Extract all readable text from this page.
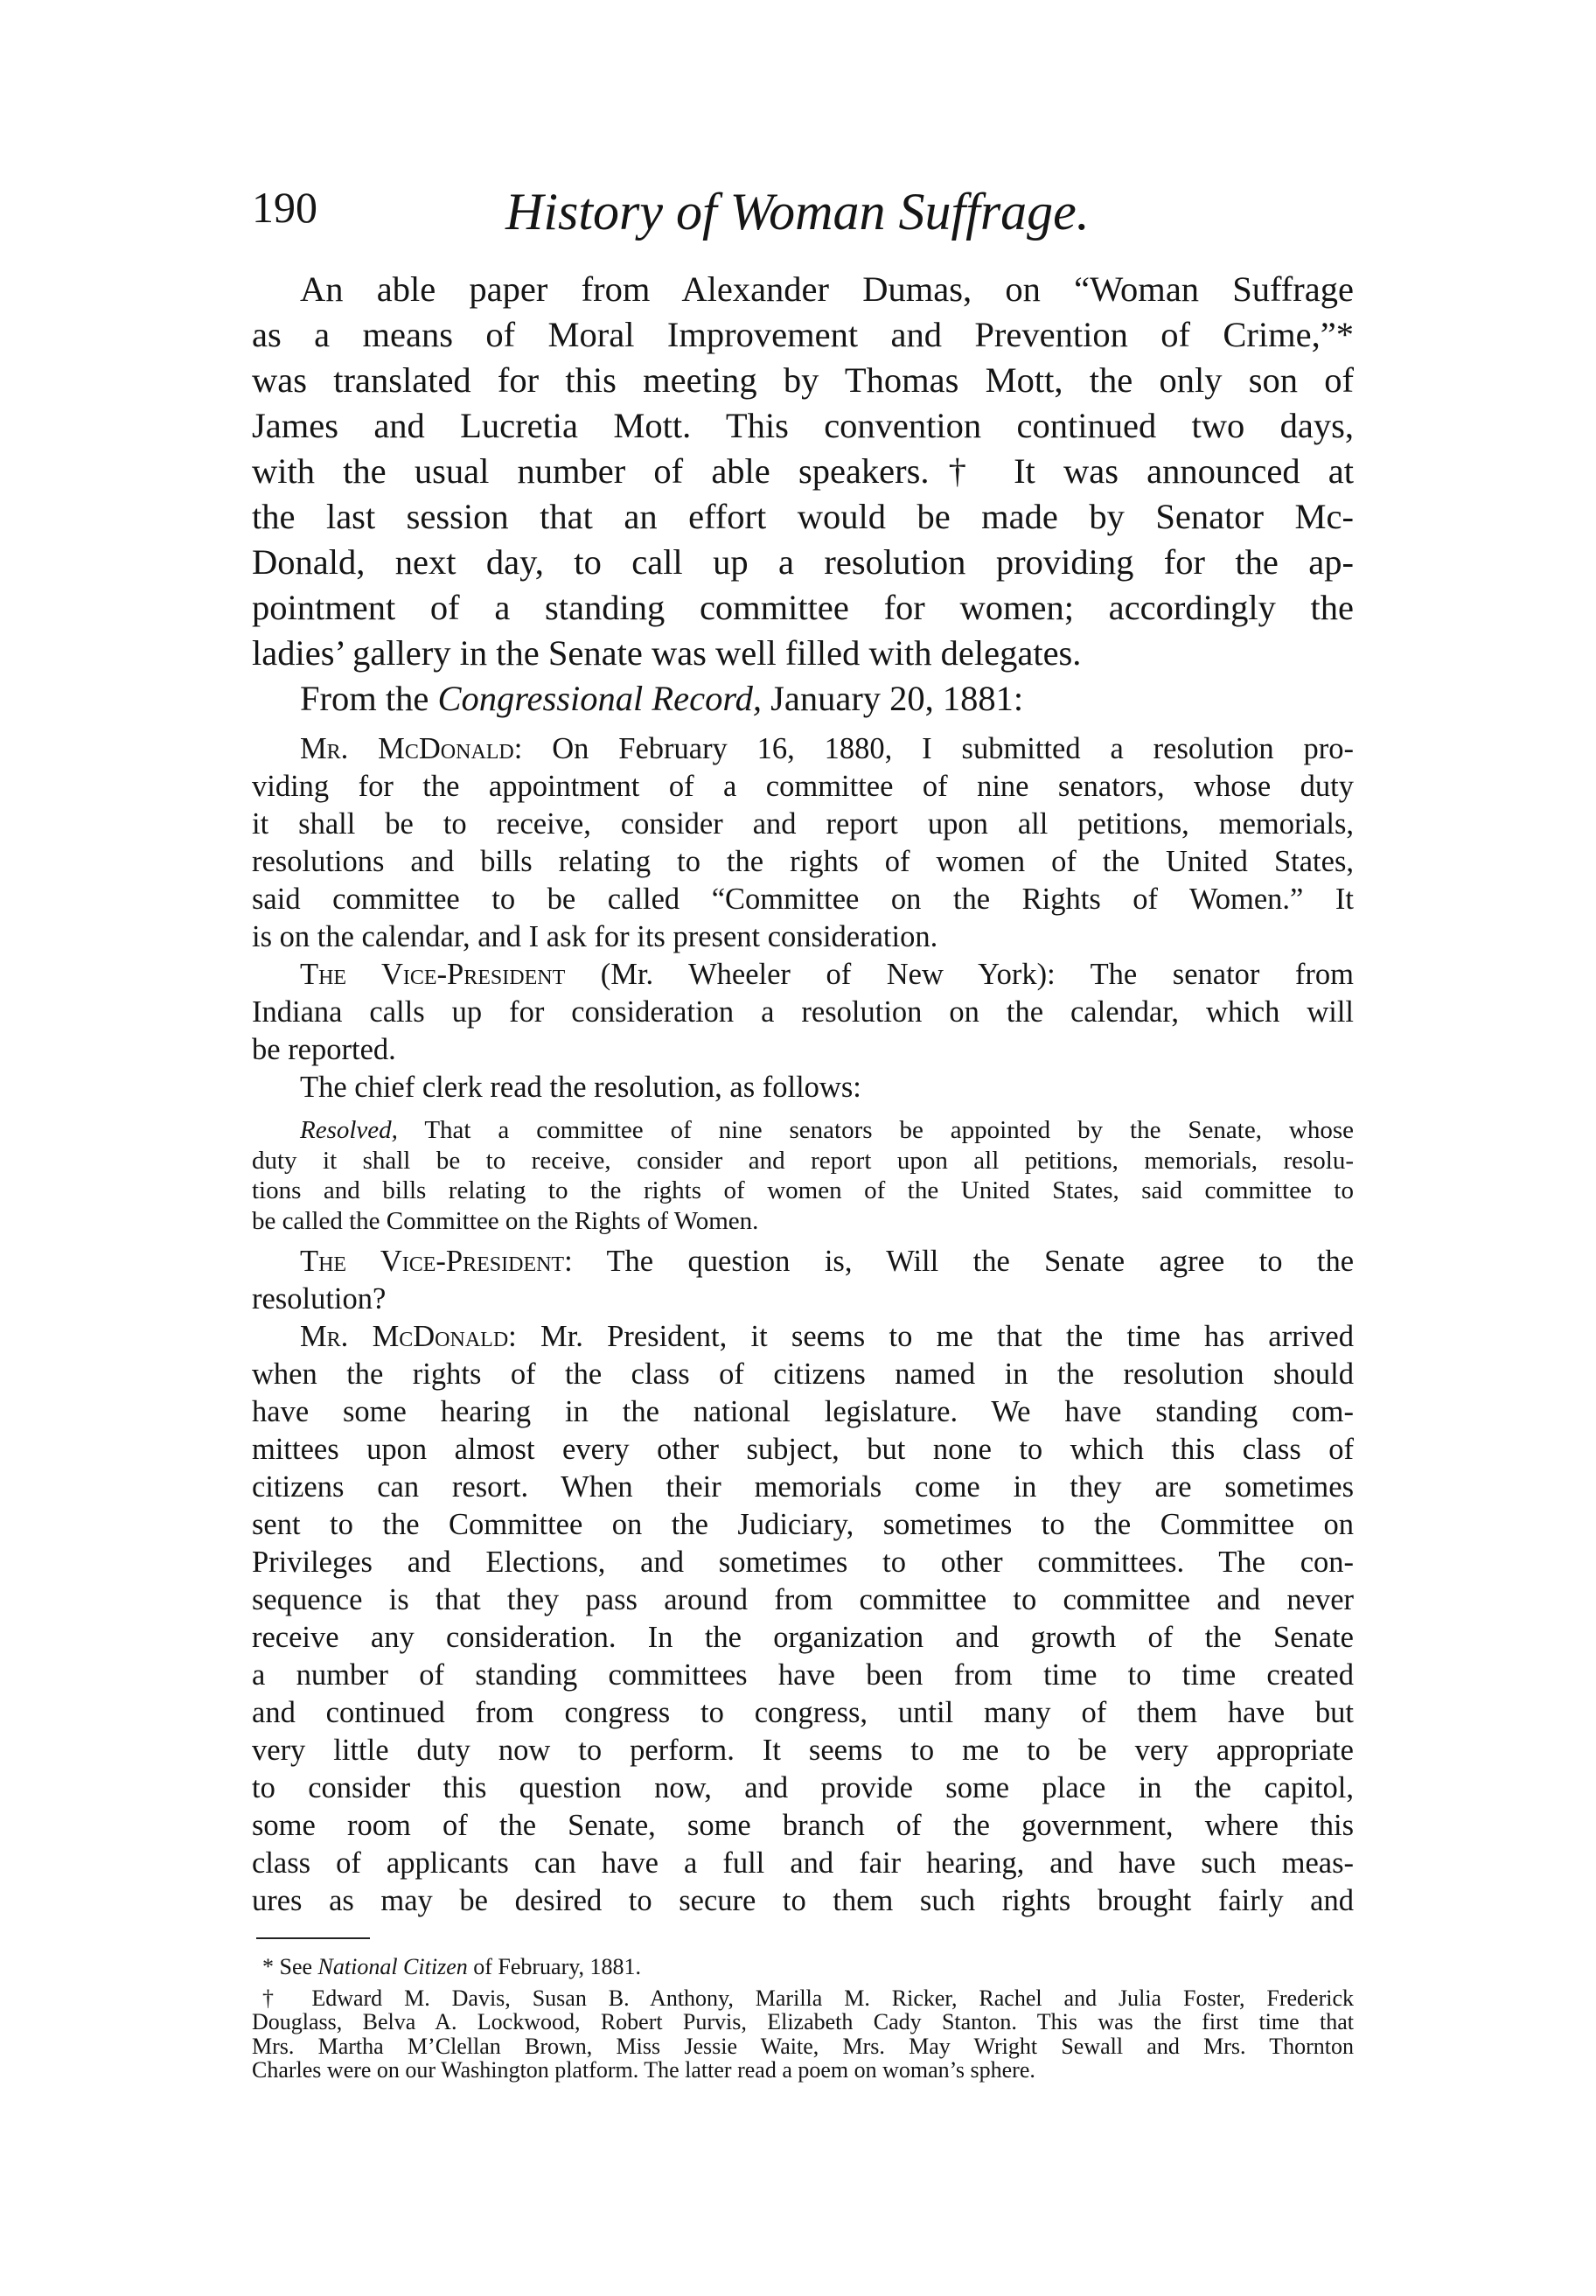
190	History of Woman Suffrage.
An able paper from Alexander Dumas, on “Woman Suffrage
as a means of Moral Improvement and Prevention of Crime,”*
was translated for this meeting by Thomas Mott, the only son of
James and Lucretia Mott. This convention continued two days,
with the usual number of able speakers.† It was announced at
the last session that an effort would be made by Senator Mc-
Donald, next day, to call up a resolution providing for the ap-
pointment of a standing committee for women; accordingly the
ladies’ gallery in the Senate was well filled with delegates.
From the Congressional Record, January 20, 1881:
Mr. McDonald: On February 16, 1880, I submitted a resolution pro-
viding for the appointment of a committee of nine senators, whose duty
it shall be to receive, consider and report upon all petitions, memorials,
resolutions and bills relating to the rights of women of the United States,
said committee to be called “Committee on the Rights of Women.” It
is on the calendar, and I ask for its present consideration.
The Vice-President (Mr. Wheeler of New York): The senator from
Indiana calls up for consideration a resolution on the calendar, which will
be reported.
The chief clerk read the resolution, as follows:
Resolved, That a committee of nine senators be appointed by the Senate, whose
duty it shall be to receive, consider and report upon all petitions, memorials, resolu-
tions and bills relating to the rights of women of the United States, said committee to
be called the Committee on the Rights of Women.
The Vice-President: The question is, Will the Senate agree to the
resolution?
Mr. McDonald: Mr. President, it seems to me that the time has arrived
when the rights of the class of citizens named in the resolution should
have some hearing in the national legislature. We have standing com-
mittees upon almost every other subject, but none to which this class of
citizens can resort. When their memorials come in they are sometimes
sent to the Committee on the Judiciary, sometimes to the Committee on
Privileges and Elections, and sometimes to other committees. The con-
sequence is that they pass around from committee to committee and never
receive any consideration. In the organization and growth of the Senate
a number of standing committees have been from time to time created
and continued from congress to congress, until many of them have but
very little duty now to perform. It seems to me to be very appropriate
to consider this question now, and provide some place in the capitol,
some room of the Senate, some branch of the government, where this
class of applicants can have a full and fair hearing, and have such meas-
ures as may be desired to secure to them such rights brought fairly and
* See National Citizen of February, 1881.
† Edward M. Davis, Susan B. Anthony, Marilla M. Ricker, Rachel and Julia Foster, Frederick
Douglass, Belva A. Lockwood, Robert Purvis, Elizabeth Cady Stanton. This was the first time that
Mrs. Martha M’Clellan Brown, Miss Jessie Waite, Mrs. May Wright Sewall and Mrs. Thornton
Charles were on our Washington platform. The latter read a poem on woman’s sphere.
